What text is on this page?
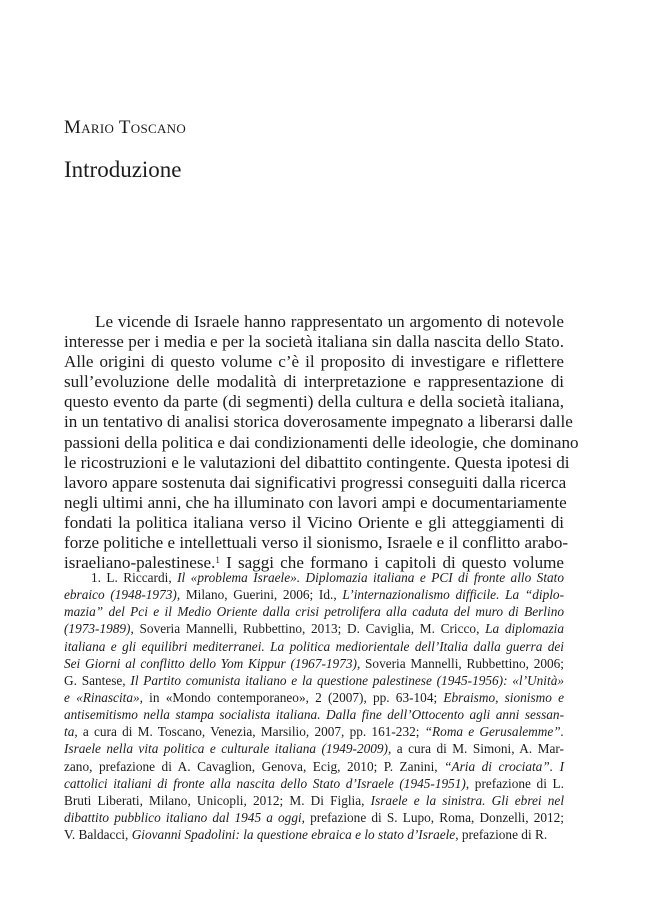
Mario Toscano
Introduzione
Le vicende di Israele hanno rappresentato un argomento di notevole
interesse per i media e per la società italiana sin dalla nascita dello Stato.
Alle origini di questo volume c’è il proposito di investigare e riflettere
sull’evoluzione delle modalità di interpretazione e rappresentazione di
questo evento da parte (di segmenti) della cultura e della società italiana,
in un tentativo di analisi storica doverosamente impegnato a liberarsi dalle
passioni della politica e dai condizionamenti delle ideologie, che dominano
le ricostruzioni e le valutazioni del dibattito contingente. Questa ipotesi di
lavoro appare sostenuta dai significativi progressi conseguiti dalla ricerca
negli ultimi anni, che ha illuminato con lavori ampi e documentariamente
fondati la politica italiana verso il Vicino Oriente e gli atteggiamenti di
forze politiche e intellettuali verso il sionismo, Israele e il conflitto arabo-
israeliano-palestinese.$^1$ I saggi che formano i capitoli di questo volume
1. L. Riccardi, Il «problema Israele». Diplomazia italiana e PCI di fronte allo Stato
ebraico (1948-1973), Milano, Guerini, 2006; Id., L’internazionalismo difficile. La “diplo-
mazia” del Pci e il Medio Oriente dalla crisi petrolifera alla caduta del muro di Berlino
(1973-1989), Soveria Mannelli, Rubbettino, 2013; D. Caviglia, M. Cricco, La diplomazia
italiana e gli equilibri mediterranei. La politica mediorientale dell’Italia dalla guerra dei
Sei Giorni al conflitto dello Yom Kippur (1967-1973), Soveria Mannelli, Rubbettino, 2006;
G. Santese, Il Partito comunista italiano e la questione palestinese (1945-1956): «l’Unità»
e «Rinascita», in «Mondo contemporaneo», 2 (2007), pp. 63-104; Ebraismo, sionismo e
antisemitismo nella stampa socialista italiana. Dalla fine dell’Ottocento agli anni sessan-
ta, a cura di M. Toscano, Venezia, Marsilio, 2007, pp. 161-232; “Roma e Gerusalemme”.
Israele nella vita politica e culturale italiana (1949-2009), a cura di M. Simoni, A. Mar-
zano, prefazione di A. Cavaglion, Genova, Ecig, 2010; P. Zanini, “Aria di crociata”. I
cattolici italiani di fronte alla nascita dello Stato d’Israele (1945-1951), prefazione di L.
Bruti Liberati, Milano, Unicopli, 2012; M. Di Figlia, Israele e la sinistra. Gli ebrei nel
dibattito pubblico italiano dal 1945 a oggi, prefazione di S. Lupo, Roma, Donzelli, 2012;
V. Baldacci, Giovanni Spadolini: la questione ebraica e lo stato d’Israele, prefazione di R.
